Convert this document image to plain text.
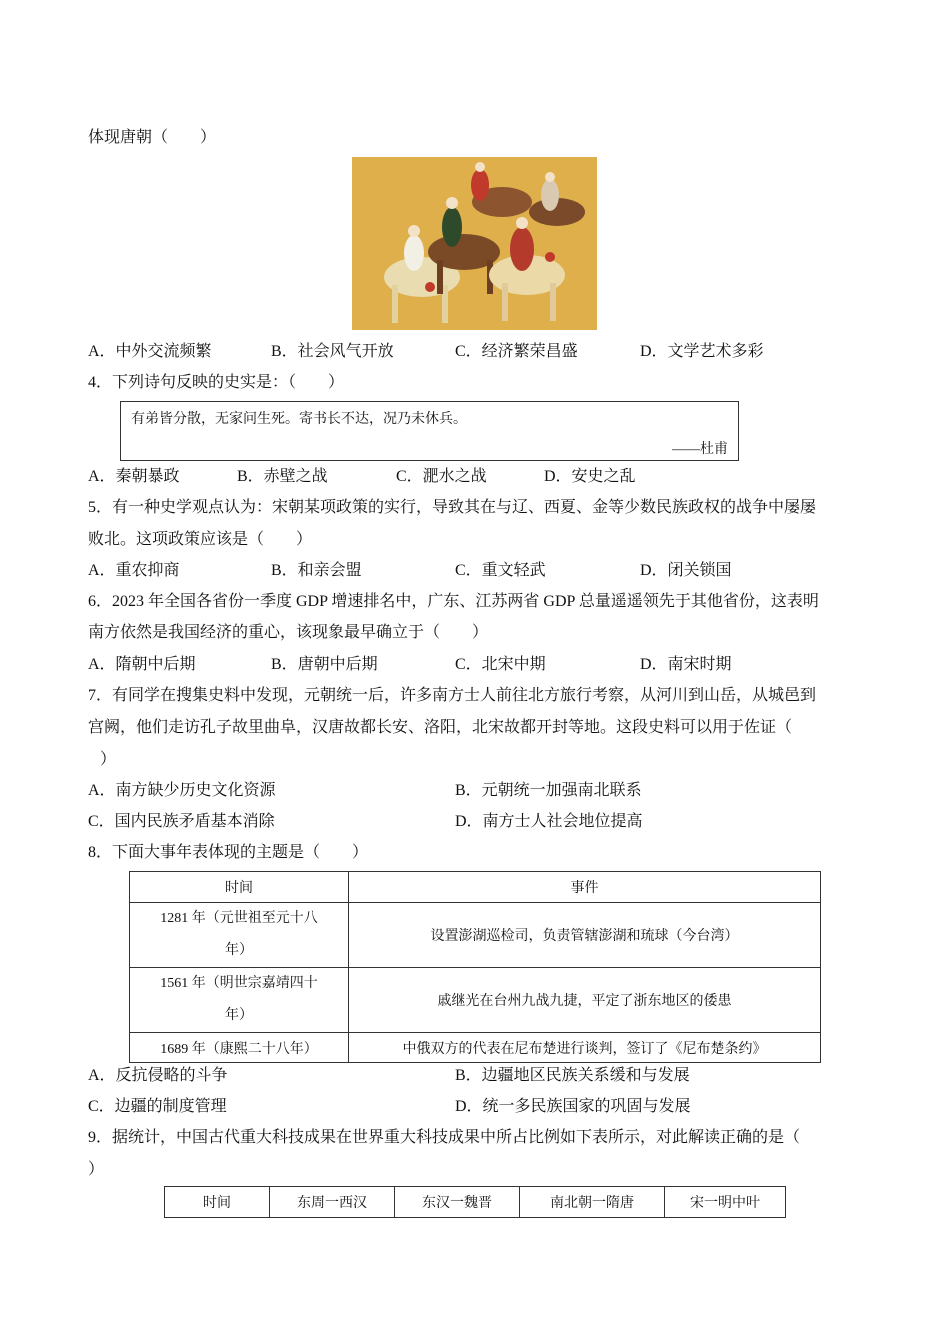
体现唐朝（　　）
A．中外交流频繁	B．社会风气开放	C．经济繁荣昌盛	D．文学艺术多彩
4．下列诗句反映的史实是：（　　）
有弟皆分散，无家问生死。寄书长不达，况乃未休兵。
——杜甫
A．秦朝暴政	B．赤壁之战	C．淝水之战	D．安史之乱
5．有一种史学观点认为：宋朝某项政策的实行，导致其在与辽、西夏、金等少数民族政权的战争中屡屡
败北。这项政策应该是（　　）
A．重农抑商	B．和亲会盟	C．重文轻武	D．闭关锁国
6．2023 年全国各省份一季度 GDP 增速排名中，广东、江苏两省 GDP 总量遥遥领先于其他省份，这表明
南方依然是我国经济的重心，该现象最早确立于（　　）
A．隋朝中后期	B．唐朝中后期	C．北宋中期	D．南宋时期
7．有同学在搜集史料中发现，元朝统一后，许多南方士人前往北方旅行考察，从河川到山岳，从城邑到
宫阙，他们走访孔子故里曲阜，汉唐故都长安、洛阳，北宋故都开封等地。这段史料可以用于佐证（
）
A．南方缺少历史文化资源	B．元朝统一加强南北联系
C．国内民族矛盾基本消除	D．南方士人社会地位提高
8．下面大事年表体现的主题是（　　）
时间	事件

1281 年（元世祖至元十八
年）	设置澎湖巡检司，负责管辖澎湖和琉球（今台湾）

1561 年（明世宗嘉靖四十
年）	戚继光在台州九战九捷，平定了浙东地区的倭患
1689 年（康熙二十八年）	中俄双方的代表在尼布楚进行谈判，签订了《尼布楚条约》
A．反抗侵略的斗争	B．边疆地区民族关系缓和与发展
C．边疆的制度管理	D．统一多民族国家的巩固与发展
9．据统计，中国古代重大科技成果在世界重大科技成果中所占比例如下表所示，对此解读正确的是（
）
时间	东周一西汉	东汉一魏晋	南北朝一隋唐	宋一明中叶
